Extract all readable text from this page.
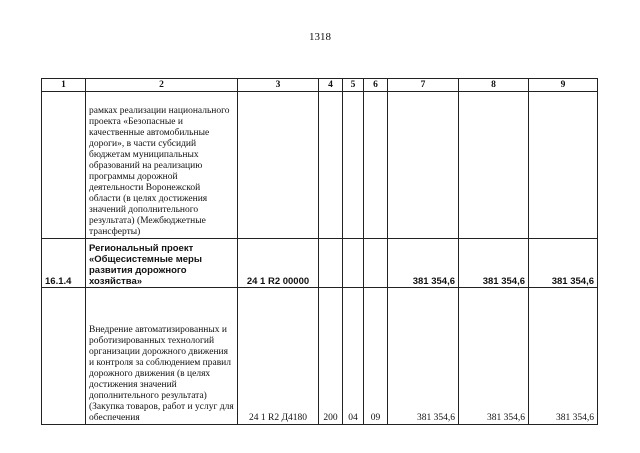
1318
1	2	3	4	5	6	7	8	9
	рамках реализации национального проекта «Безопасные и качественные автомобильные дороги», в части субсидий бюджетам муниципальных образований на реализацию программы дорожной деятельности Воронежской области (в целях достижения значений дополнительного результата) (Межбюджетные трансферты)							
16.1.4	Региональный проект «Общесистемные меры развития дорожного хозяйства»	24 1 R2 00000				381 354,6	381 354,6	381 354,6
	Внедрение автоматизированных и роботизированных технологий организации дорожного движения и контроля за соблюдением правил дорожного движения (в целях достижения значений дополнительного результата) (Закупка товаров, работ и услуг для обеспечения	24 1 R2 Д4180	200	04	09	381 354,6	381 354,6	381 354,6
